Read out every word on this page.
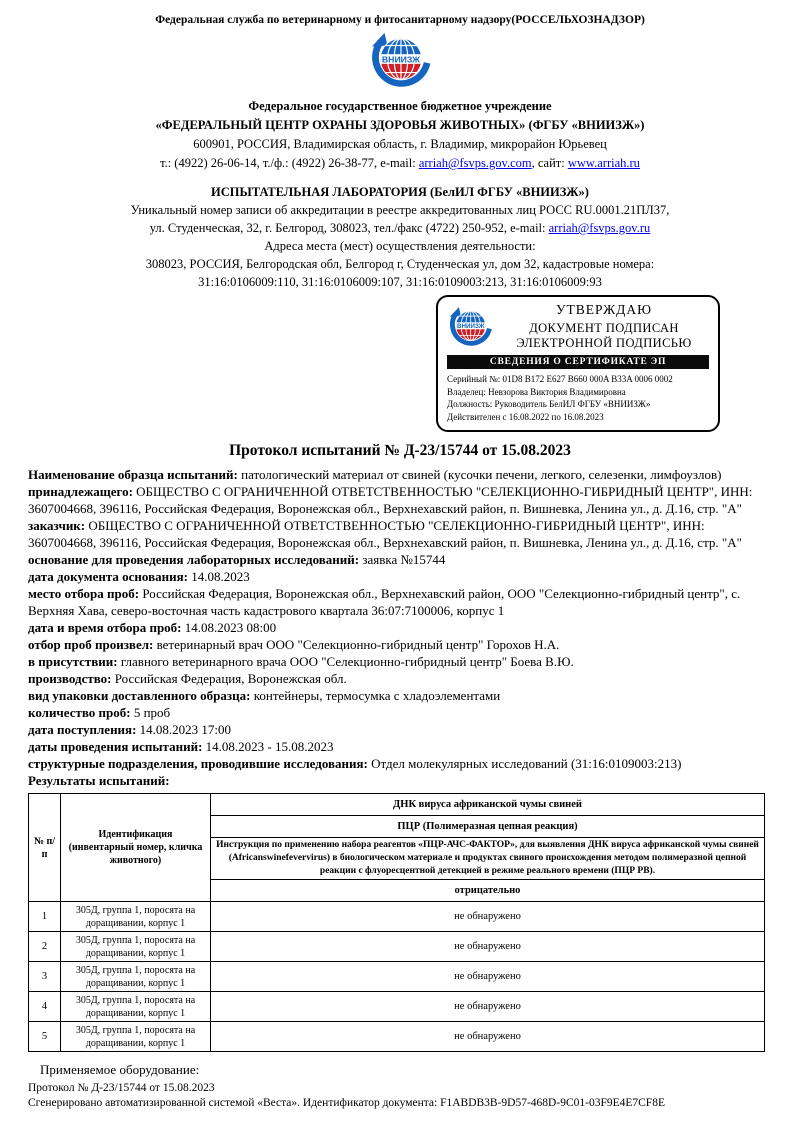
Федеральная служба по ветеринарному и фитосанитарному надзору(РОССЕЛЬХОЗНАДЗОР)
Федеральное государственное бюджетное учреждение
«ФЕДЕРАЛЬНЫЙ ЦЕНТР ОХРАНЫ ЗДОРОВЬЯ ЖИВОТНЫХ» (ФГБУ «ВНИИЗЖ»)
600901, РОССИЯ, Владимирская область, г. Владимир, микрорайон Юрьевец
т.: (4922) 26-06-14, т./ф.: (4922) 26-38-77, e-mail: arriah@fsvps.gov.com, сайт: www.arriah.ru
ИСПЫТАТЕЛЬНАЯ ЛАБОРАТОРИЯ (БелИЛ ФГБУ «ВНИИЗЖ»)
Уникальный номер записи об аккредитации в реестре аккредитованных лиц РОСС RU.0001.21ПЛ37,
ул. Студенческая, 32, г. Белгород, 308023, тел./факс (4722) 250-952, e-mail: arriah@fsvps.gov.ru
Адреса места (мест) осуществления деятельности:
308023, РОССИЯ, Белгородская обл, Белгород г, Студенческая ул, дом 32, кадастровые номера:
31:16:0106009:110, 31:16:0106009:107, 31:16:0109003:213, 31:16:0106009:93
УТВЕРЖДАЮ
ДОКУМЕНТ ПОДПИСАН
ЭЛЕКТРОННОЙ ПОДПИСЬЮ
СВЕДЕНИЯ О СЕРТИФИКАТЕ ЭП
Серийный №: 01D8 B172 E627 B660 000A B33A 0006 0002
Владелец: Невзорова Виктория Владимировна
Должность: Руководитель БелИЛ ФГБУ «ВНИИЗЖ»
Действителен с 16.08.2022 по 16.08.2023
Протокол испытаний № Д-23/15744 от 15.08.2023
Наименование образца испытаний: патологический материал от свиней (кусочки печени, легкого, селезенки, лимфоузлов)
принадлежащего: ОБЩЕСТВО С ОГРАНИЧЕННОЙ ОТВЕТСТВЕННОСТЬЮ "СЕЛЕКЦИОННО-ГИБРИДНЫЙ ЦЕНТР", ИНН: 3607004668, 396116, Российская Федерация, Воронежская обл., Верхнехавский район, п. Вишневка, Ленина ул., д. Д.16, стр. "А"
заказчик: ОБЩЕСТВО С ОГРАНИЧЕННОЙ ОТВЕТСТВЕННОСТЬЮ "СЕЛЕКЦИОННО-ГИБРИДНЫЙ ЦЕНТР", ИНН: 3607004668, 396116, Российская Федерация, Воронежская обл., Верхнехавский район, п. Вишневка, Ленина ул., д. Д.16, стр. "А"
основание для проведения лабораторных исследований: заявка №15744
дата документа основания: 14.08.2023
место отбора проб: Российская Федерация, Воронежская обл., Верхнехавский район, ООО "Селекционно-гибридный центр", с. Верхняя Хава, северо-восточная часть кадастрового квартала 36:07:7100006, корпус 1
дата и время отбора проб: 14.08.2023 08:00
отбор проб произвел: ветеринарный врач ООО "Селекционно-гибридный центр" Горохов Н.А.
в присутствии: главного ветеринарного врача ООО "Селекционно-гибридный центр" Боева В.Ю.
производство: Российская Федерация, Воронежская обл.
вид упаковки доставленного образца: контейнеры, термосумка с хладоэлементами
количество проб: 5 проб
дата поступления: 14.08.2023 17:00
даты проведения испытаний: 14.08.2023 - 15.08.2023
структурные подразделения, проводившие исследования: Отдел молекулярных исследований (31:16:0109003:213)
Результаты испытаний:
№ п/п	Идентификация (инвентарный номер, кличка животного)	ДНК вируса африканской чумы свиней
		ПЦР (Полимеразная цепная реакция)
		Инструкция по применению набора реагентов «ПЦР-АЧС-ФАКТОР», для выявления ДНК вируса африканской чумы свиней (Africanswinefevervirus) в биологическом материале и продуктах свиного происхождения методом полимеразной цепной реакции с флуоресцентной детекцией в режиме реального времени (ПЦР РВ).
		отрицательно
1	305Д, группа 1, поросята на доращивании, корпус 1	не обнаружено
2	305Д, группа 1, поросята на доращивании, корпус 1	не обнаружено
3	305Д, группа 1, поросята на доращивании, корпус 1	не обнаружено
4	305Д, группа 1, поросята на доращивании, корпус 1	не обнаружено
5	305Д, группа 1, поросята на доращивании, корпус 1	не обнаружено
Применяемое оборудование:
Протокол № Д-23/15744 от 15.08.2023
Сгенерировано автоматизированной системой «Веста». Идентификатор документа: F1ABDB3B-9D57-468D-9C01-03F9E4E7CF8E
